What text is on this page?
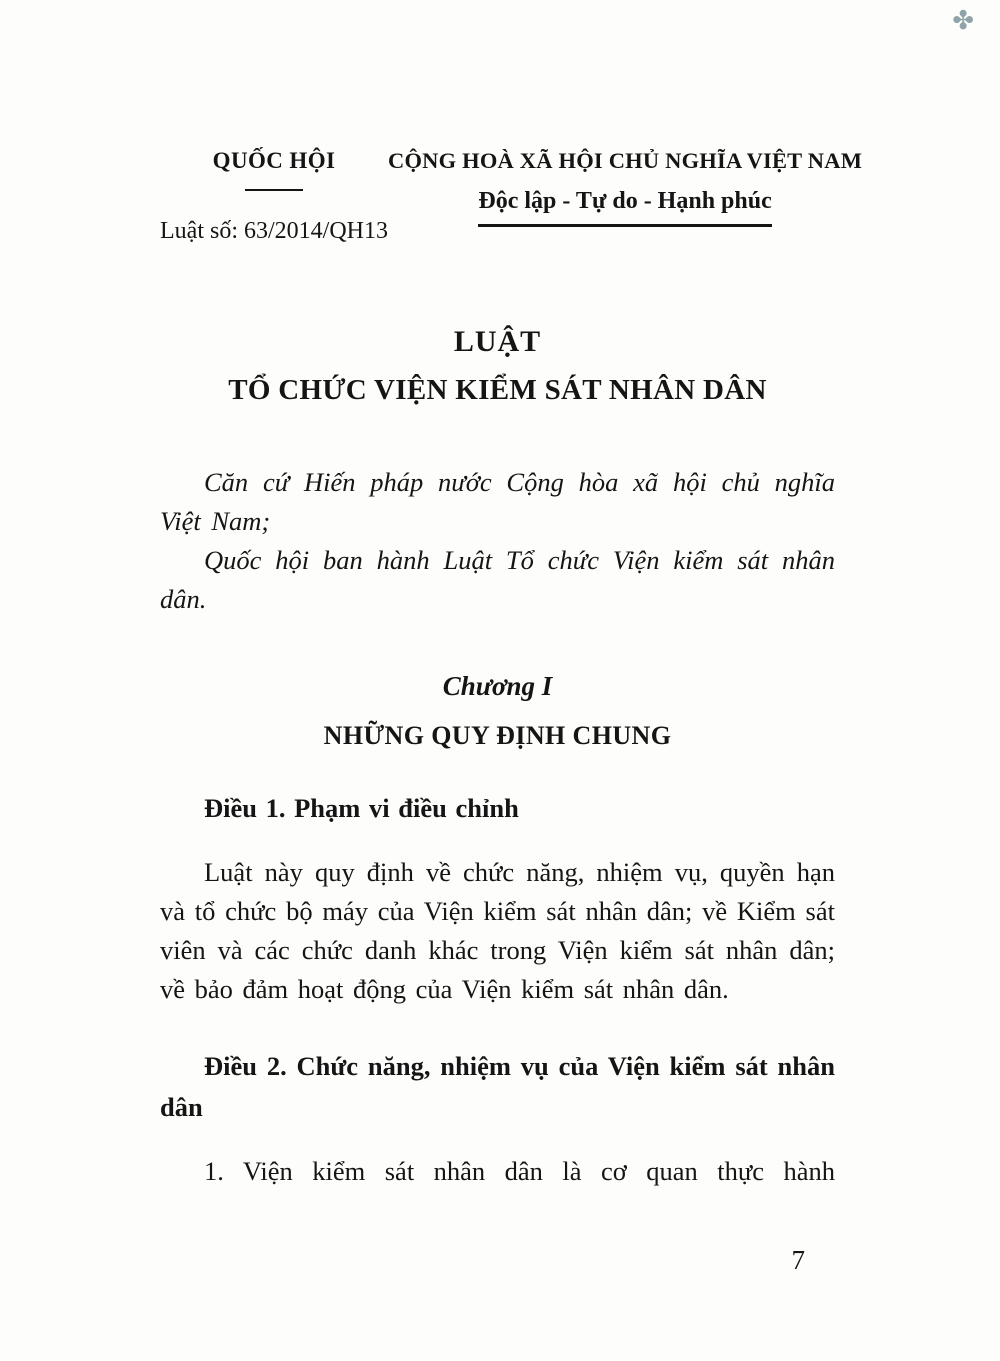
✤
QUỐC HỘI
Luật số: 63/2014/QH13
CỘNG HOÀ XÃ HỘI CHỦ NGHĨA VIỆT NAM
Độc lập - Tự do - Hạnh phúc
LUẬT
TỔ CHỨC VIỆN KIỂM SÁT NHÂN DÂN

Căn cứ Hiến pháp nước Cộng hòa xã hội chủ nghĩa Việt Nam;

Quốc hội ban hành Luật Tổ chức Viện kiểm sát nhân dân.

Chương I
NHỮNG QUY ĐỊNH CHUNG
Điều 1. Phạm vi điều chỉnh

Luật này quy định về chức năng, nhiệm vụ, quyền hạn và tổ chức bộ máy của Viện kiểm sát nhân dân; về Kiểm sát viên và các chức danh khác trong Viện kiểm sát nhân dân; về bảo đảm hoạt động của Viện kiểm sát nhân dân.

Điều 2. Chức năng, nhiệm vụ của Viện kiểm sát nhân dân

1. Viện kiểm sát nhân dân là cơ quan thực hành

7
